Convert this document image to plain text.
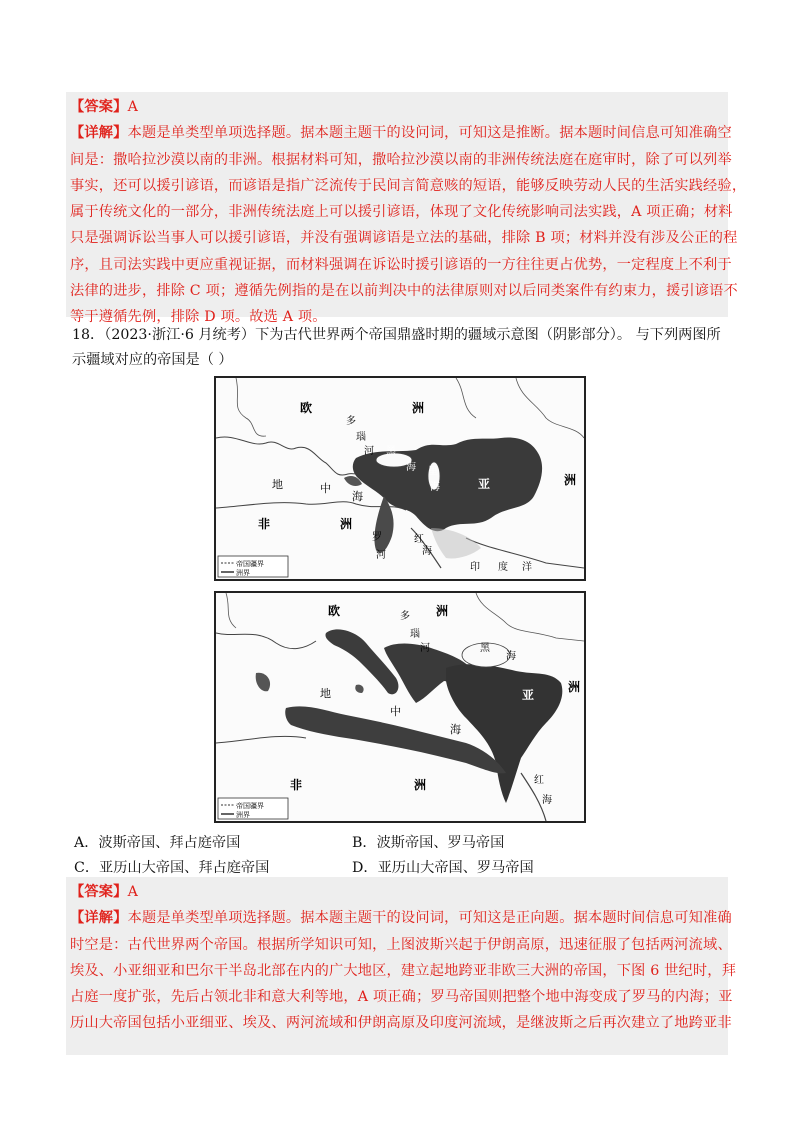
【答案】A
【详解】本题是单类型单项选择题。据本题主题干的设问词，可知这是推断。据本题时间信息可知准确空
间是：撒哈拉沙漠以南的非洲。根据材料可知，撒哈拉沙漠以南的非洲传统法庭在庭审时，除了可以列举
事实，还可以援引谚语，而谚语是指广泛流传于民间言简意赅的短语，能够反映劳动人民的生活实践经验，
属于传统文化的一部分，非洲传统法庭上可以援引谚语，体现了文化传统影响司法实践，A 项正确；材料
只是强调诉讼当事人可以援引谚语，并没有强调谚语是立法的基础，排除 B 项；材料并没有涉及公正的程
序，且司法实践中更应重视证据，而材料强调在诉讼时援引谚语的一方往往更占优势，一定程度上不利于
法律的进步，排除 C 项；遵循先例指的是在以前判决中的法律原则对以后同类案件有约束力，援引谚语不
等于遵循先例，排除 D 项。故选 A 项。
18．（2023·浙江·6 月统考）下为古代世界两个帝国鼎盛时期的疆域示意图（阴影部分）。 与下列两图所
示疆域对应的帝国是（ ）
欧	洲
多
瑙
河 黑
海 里
海
地	中
海
亚	洲
非	洲
罗
河
红
海
印 度 洋
帝国疆界
洲界
欧	洲
多
瑙
河	黑
海
地
中
海
亚
洲
非	洲	红
海
帝国疆界
洲界
A．波斯帝国、拜占庭帝国	B．波斯帝国、罗马帝国
C．亚历山大帝国、拜占庭帝国	D．亚历山大帝国、罗马帝国
【答案】A
【详解】本题是单类型单项选择题。据本题主题干的设问词，可知这是正向题。据本题时间信息可知准确
时空是：古代世界两个帝国。根据所学知识可知，上图波斯兴起于伊朗高原，迅速征服了包括两河流域、
埃及、小亚细亚和巴尔干半岛北部在内的广大地区，建立起地跨亚非欧三大洲的帝国，下图 6 世纪时，拜
占庭一度扩张，先后占领北非和意大利等地，A 项正确；罗马帝国则把整个地中海变成了罗马的内海；亚
历山大帝国包括小亚细亚、埃及、两河流域和伊朗高原及印度河流域，是继波斯之后再次建立了地跨亚非
